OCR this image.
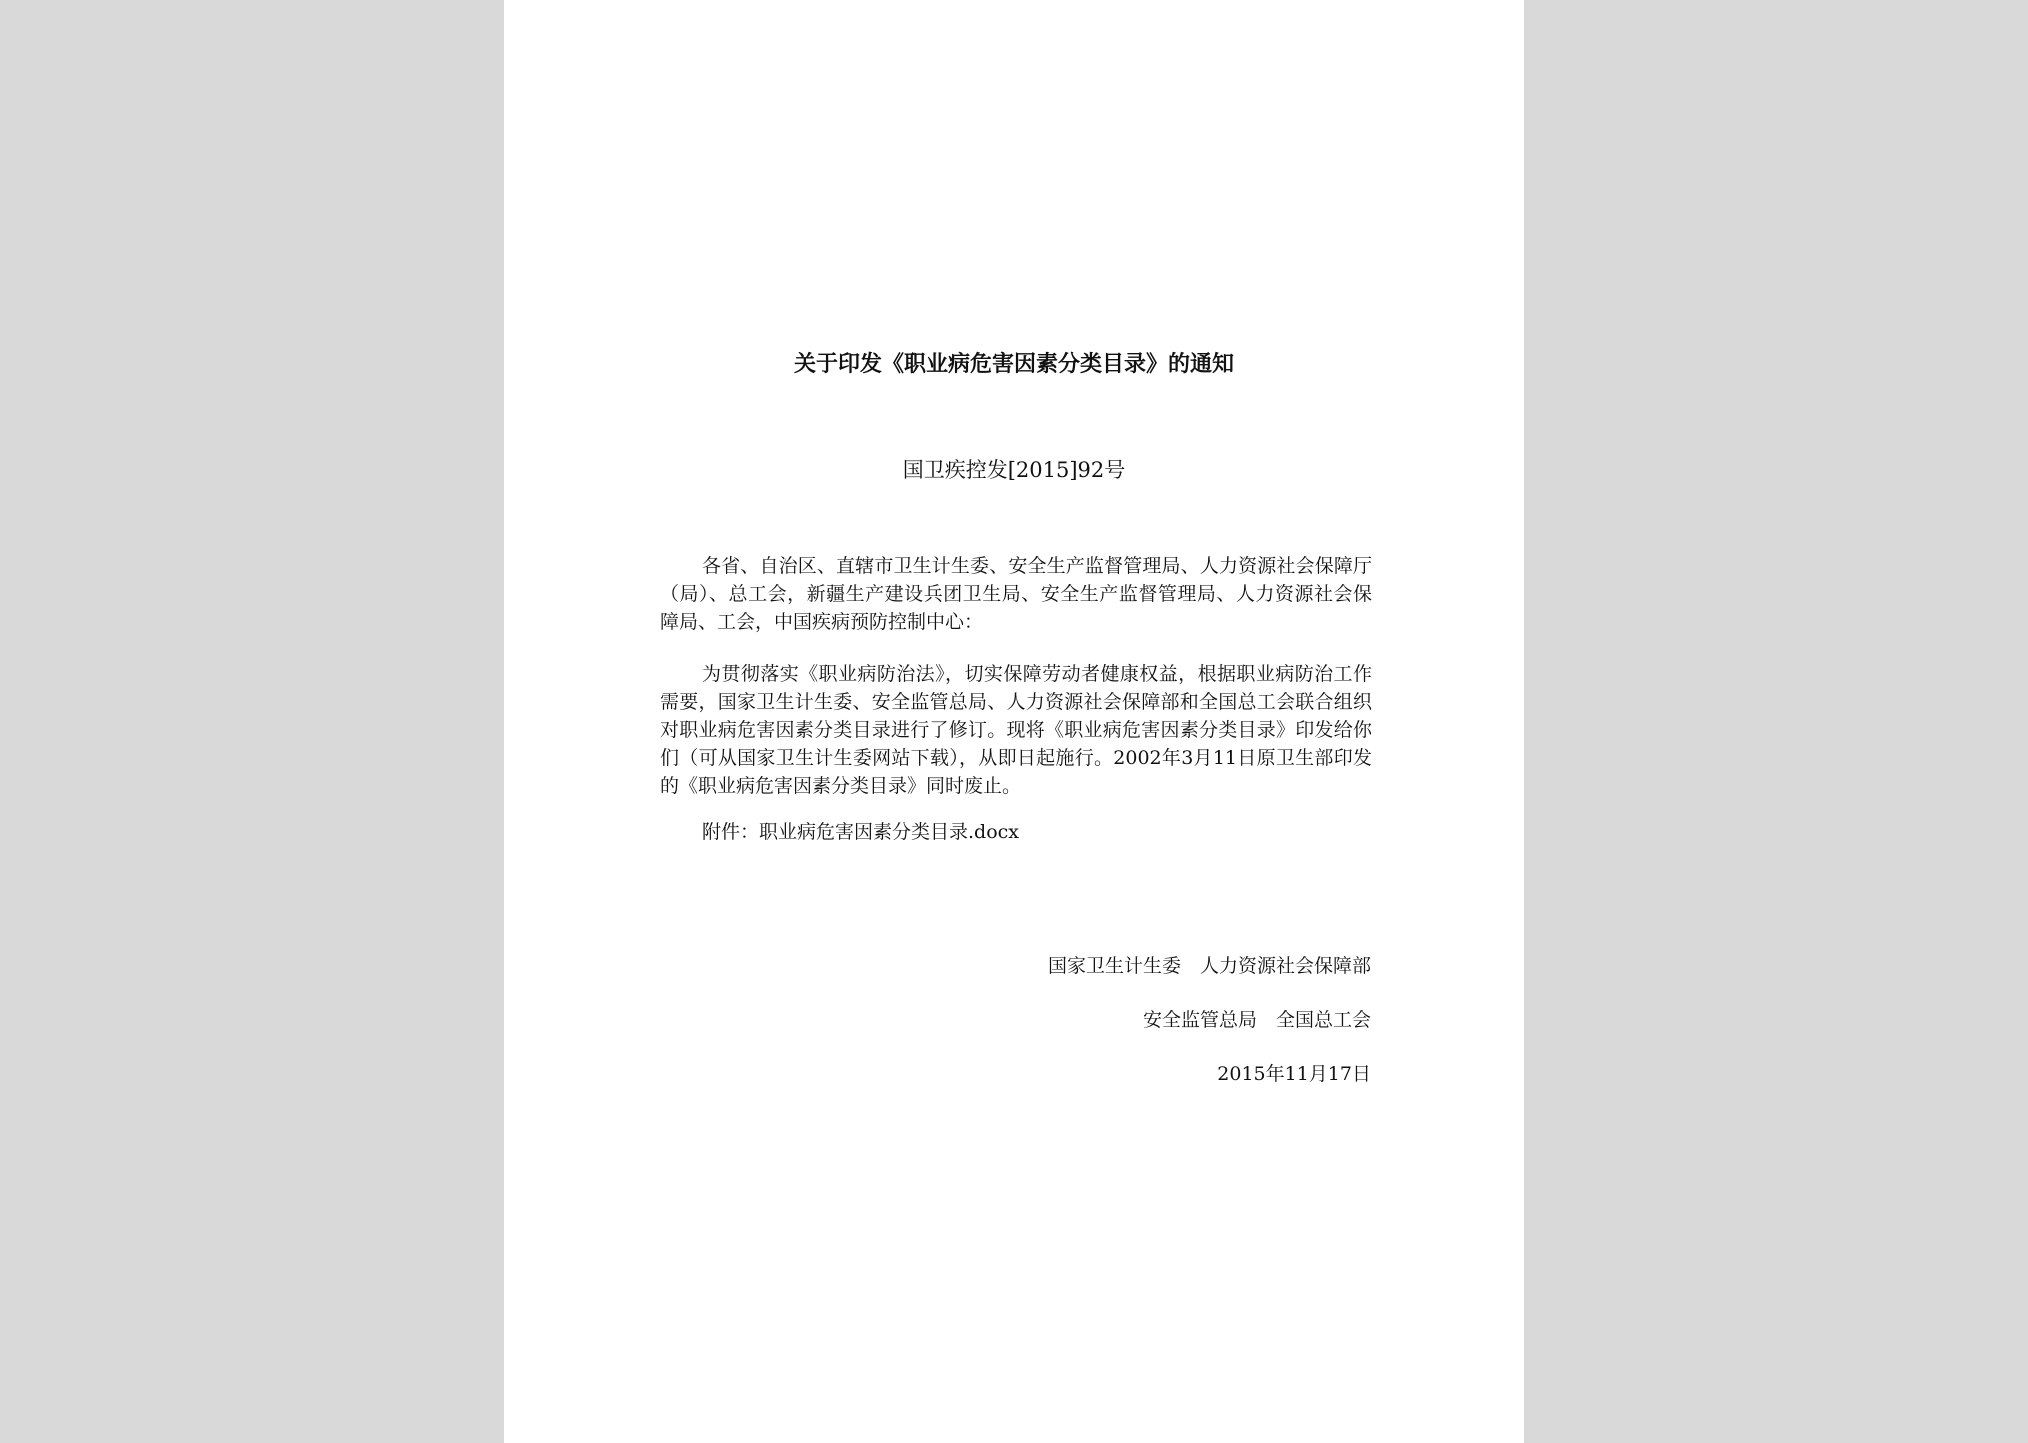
关于印发《职业病危害因素分类目录》的通知
国卫疾控发[2015]92号
各省、自治区、直辖市卫生计生委、安全生产监督管理局、人力资源社会保障厅（局）、总工会，新疆生产建设兵团卫生局、安全生产监督管理局、人力资源社会保障局、工会，中国疾病预防控制中心：
为贯彻落实《职业病防治法》，切实保障劳动者健康权益，根据职业病防治工作需要，国家卫生计生委、安全监管总局、人力资源社会保障部和全国总工会联合组织对职业病危害因素分类目录进行了修订。现将《职业病危害因素分类目录》印发给你们（可从国家卫生计生委网站下载），从即日起施行。2002年3月11日原卫生部印发的《职业病危害因素分类目录》同时废止。
附件：职业病危害因素分类目录.docx
国家卫生计生委　人力资源社会保障部
安全监管总局　全国总工会
2015年11月17日
